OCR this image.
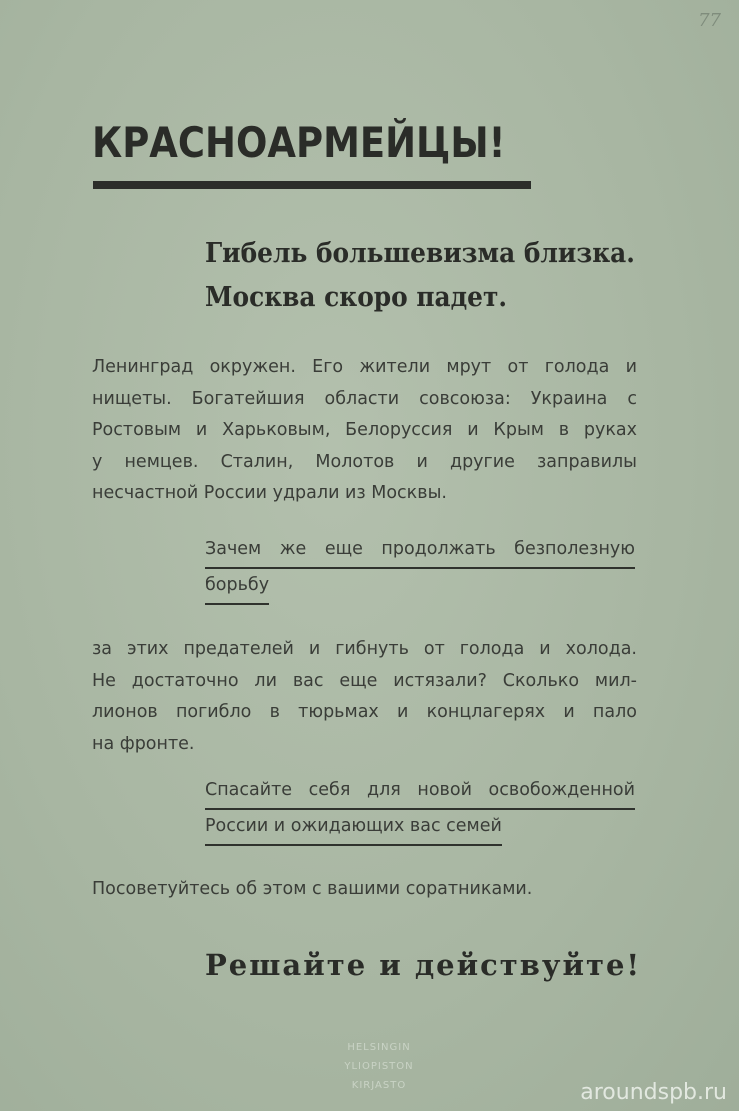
77
КРАСНОАРМЕЙЦЫ!
Гибель большевизма близка.
Москва скоро падет.
Ленинград окружен. Его жители мрут от голода и
нищеты. Богатейшия области совсоюза: Украина с
Ростовым и Харьковым, Белоруссия и Крым в руках
у немцев. Сталин, Молотов и другие заправилы
несчастной России удрали из Москвы.
Зачем же еще продолжать безполезную
борьбу
за этих предателей и гибнуть от голода и холода.
Не достаточно ли вас еще истязали? Сколько мил-
лионов погибло в тюрьмах и концлагерях и пало
на фронте.
Спасайте себя для новой освобожденной
России и ожидающих вас семей
Посоветуйтесь об этом с вашими соратниками.
Решайте и действуйте!
HELSINGIN
YLIOPISTON
KIRJASTO	aroundspb.ru
